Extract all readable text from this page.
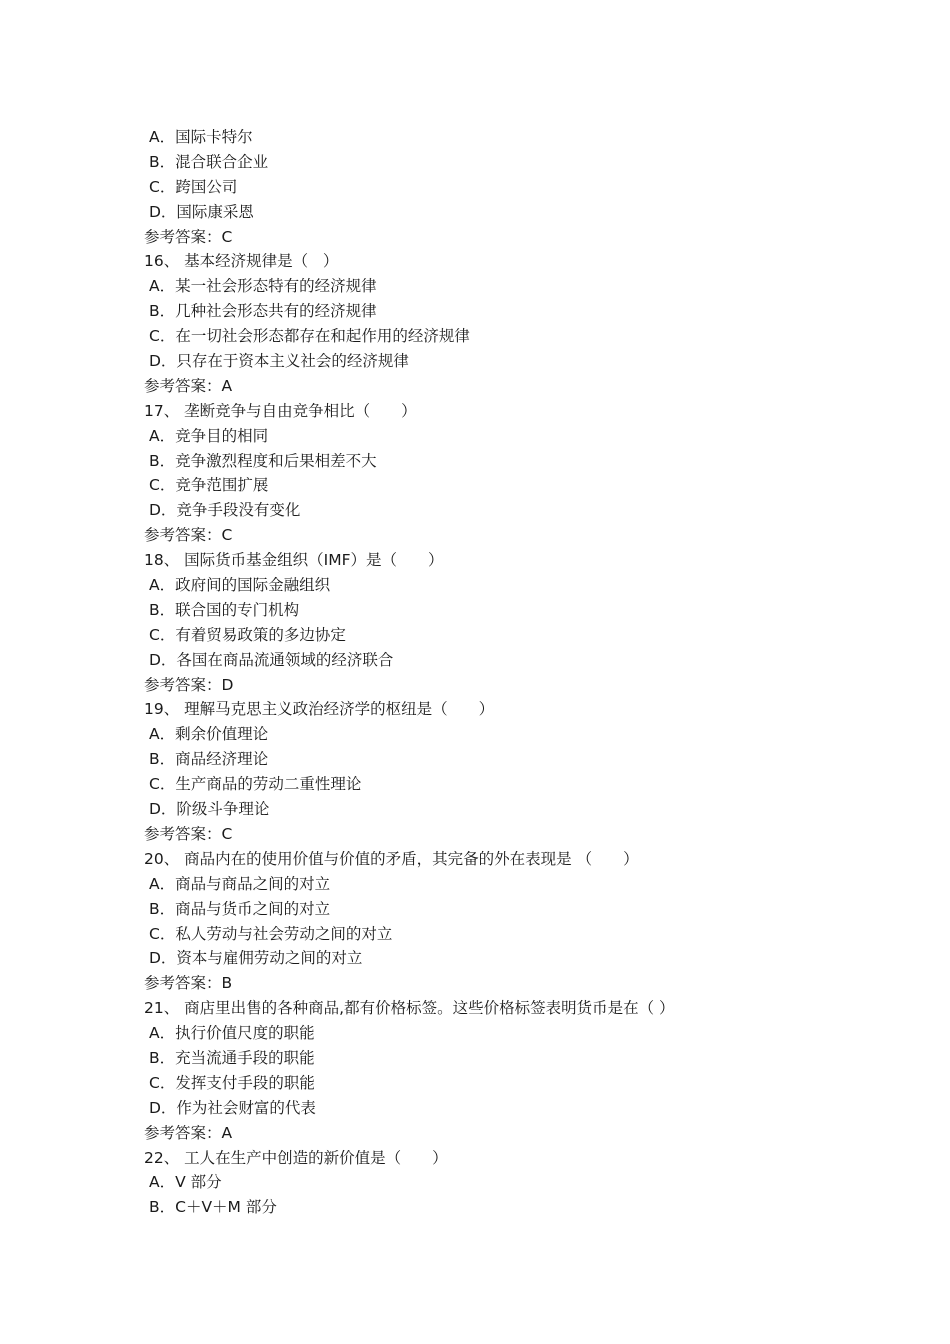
A．国际卡特尔
B．混合联合企业
C．跨国公司
D．国际康采恩
参考答案：C
16、 基本经济规律是（   ）
A．某一社会形态特有的经济规律
B．几种社会形态共有的经济规律
C．在一切社会形态都存在和起作用的经济规律
D．只存在于资本主义社会的经济规律
参考答案：A
17、 垄断竞争与自由竞争相比（　　）
A．竞争目的相同
B．竞争激烈程度和后果相差不大
C．竞争范围扩展
D．竞争手段没有变化
参考答案：C
18、 国际货币基金组织（IMF）是（　　）
A．政府间的国际金融组织
B．联合国的专门机构
C．有着贸易政策的多边协定
D．各国在商品流通领域的经济联合
参考答案：D
19、 理解马克思主义政治经济学的枢纽是（　　）
A．剩余价值理论
B．商品经济理论
C．生产商品的劳动二重性理论
D．阶级斗争理论
参考答案：C
20、 商品内在的使用价值与价值的矛盾，其完备的外在表现是 （　　）
A．商品与商品之间的对立
B．商品与货币之间的对立
C．私人劳动与社会劳动之间的对立
D．资本与雇佣劳动之间的对立
参考答案：B
21、 商店里出售的各种商品,都有价格标签。这些价格标签表明货币是在（ ）
A．执行价值尺度的职能
B．充当流通手段的职能
C．发挥支付手段的职能
D．作为社会财富的代表
参考答案：A
22、 工人在生产中创造的新价值是（　　）
A．V 部分
B．C＋V＋M 部分
